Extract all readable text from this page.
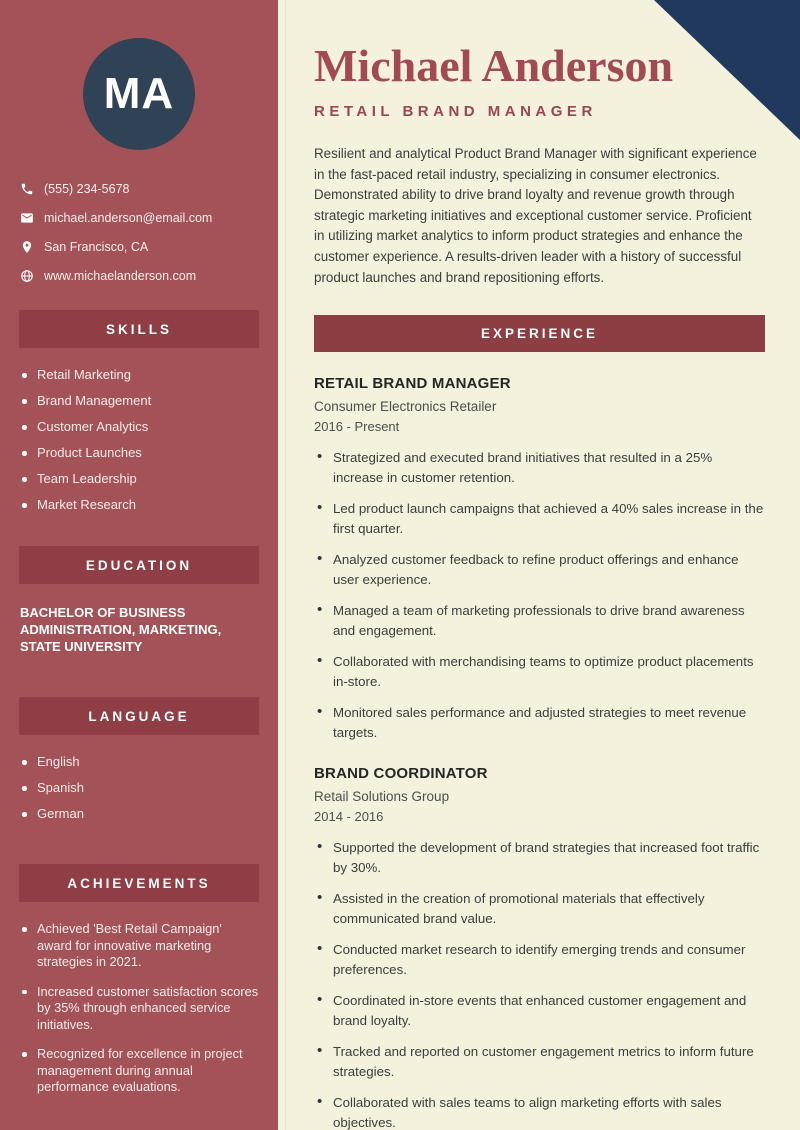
MA
(555) 234-5678
michael.anderson@email.com
San Francisco, CA
www.michaelanderson.com
SKILLS
Retail Marketing
Brand Management
Customer Analytics
Product Launches
Team Leadership
Market Research
EDUCATION
BACHELOR OF BUSINESS ADMINISTRATION, MARKETING, STATE UNIVERSITY
LANGUAGE
English
Spanish
German
ACHIEVEMENTS
Achieved 'Best Retail Campaign' award for innovative marketing strategies in 2021.
Increased customer satisfaction scores by 35% through enhanced service initiatives.
Recognized for excellence in project management during annual performance evaluations.
Michael Anderson
RETAIL BRAND MANAGER

Resilient and analytical Product Brand Manager with significant experience in the fast-paced retail industry, specializing in consumer electronics. Demonstrated ability to drive brand loyalty and revenue growth through strategic marketing initiatives and exceptional customer service. Proficient in utilizing market analytics to inform product strategies and enhance the customer experience. A results-driven leader with a history of successful product launches and brand repositioning efforts.

EXPERIENCE
RETAIL BRAND MANAGER
Consumer Electronics Retailer
2016 - Present
• Strategized and executed brand initiatives that resulted in a 25% increase in customer retention.
• Led product launch campaigns that achieved a 40% sales increase in the first quarter.
• Analyzed customer feedback to refine product offerings and enhance user experience.
• Managed a team of marketing professionals to drive brand awareness and engagement.
• Collaborated with merchandising teams to optimize product placements in-store.
• Monitored sales performance and adjusted strategies to meet revenue targets.
BRAND COORDINATOR
Retail Solutions Group
2014 - 2016
• Supported the development of brand strategies that increased foot traffic by 30%.
• Assisted in the creation of promotional materials that effectively communicated brand value.
• Conducted market research to identify emerging trends and consumer preferences.
• Coordinated in-store events that enhanced customer engagement and brand loyalty.
• Tracked and reported on customer engagement metrics to inform future strategies.
• Collaborated with sales teams to align marketing efforts with sales objectives.
